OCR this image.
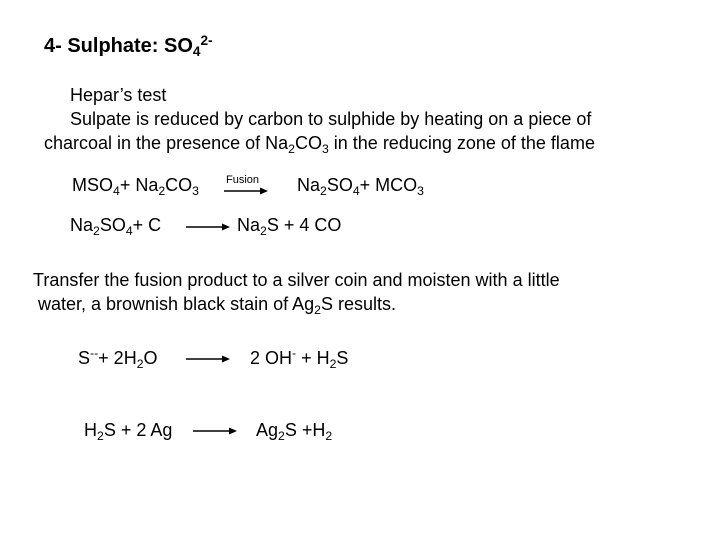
4- Sulphate: $SO_4^{2-}$
Hepar’s test
Sulpate is reduced by carbon to sulphide by heating on a piece of
charcoal in the presence of $Na_2CO_3$ in the reducing zone of the flame
$MSO_4+ Na_2CO_3$
Fusion $Na_2SO_4+ MCO_3$
$Na_2SO_4+ C$	$Na_2S + 4$ CO
Transfer the fusion product to a silver coin and moisten with a little
water, a brownish black stain of $Ag_2S$ results.
$S^{--}+ 2H_2O$	2 $OH^- + H_2S$
$H_2S + 2$ Ag	$Ag_2S +H_2$
